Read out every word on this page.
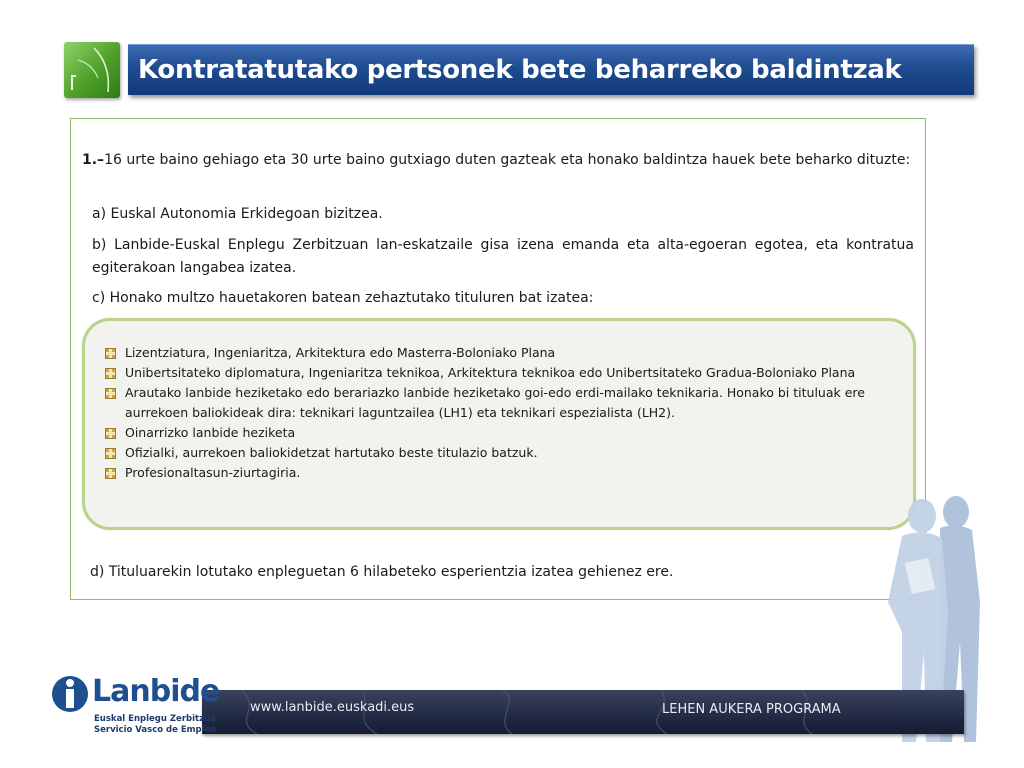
Kontratatutako pertsonek bete beharreko baldintzak
1.–16 urte baino gehiago eta 30 urte baino gutxiago duten gazteak eta honako baldintza hauek bete beharko dituzte:
a) Euskal Autonomia Erkidegoan bizitzea.
b) Lanbide-Euskal Enplegu Zerbitzuan lan-eskatzaile gisa izena emanda eta alta-egoeran egotea, eta kontratua egiterakoan langabea izatea.
c) Honako multzo hauetakoren batean zehaztutako tituluren bat izatea:
Lizentziatura, Ingeniaritza, Arkitektura edo Masterra-Boloniako Plana
Unibertsitateko diplomatura, Ingeniaritza teknikoa, Arkitektura teknikoa edo Unibertsitateko Gradua-Boloniako Plana
Arautako lanbide heziketako edo berariazko lanbide heziketako goi-edo erdi-mailako teknikaria. Honako bi tituluak ere aurrekoen baliokideak dira: teknikari laguntzailea (LH1) eta teknikari espezialista (LH2).
Oinarrizko lanbide heziketa
Ofizialki, aurrekoen baliokidetzat hartutako beste titulazio batzuk.
Profesionaltasun-ziurtagiria.
d) Tituluarekin lotutako enpleguetan 6 hilabeteko esperientzia izatea gehienez ere.
www.lanbide.euskadi.eus	LEHEN AUKERA PROGRAMA
Lanbide
Euskal Enplegu Zerbitzua
Servicio Vasco de Empleo
